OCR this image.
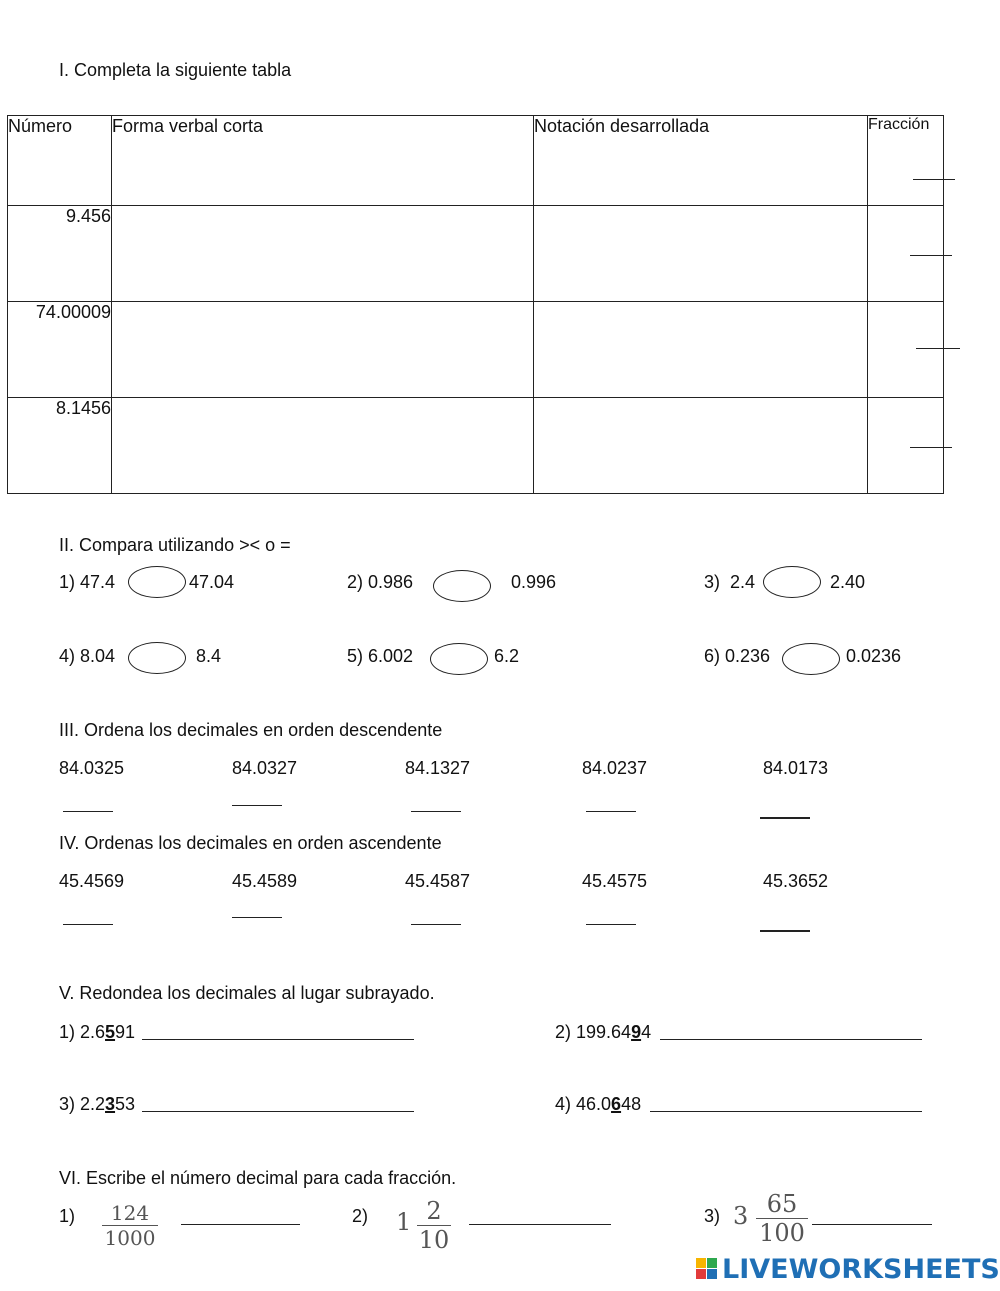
I. Completa la siguiente tabla
Número	Forma verbal corta	Notación desarrollada	Fracción

9.456			

74.00009			

8.1456			
II. Compara utilizando >< o =
1) 47.4	47.04	2) 0.986	0.996	3)  2.4	2.40
4) 8.04	8.4	5) 6.002	6.2	6) 0.236	0.0236
III. Ordena los decimales en orden descendente
84.0325	84.0327	84.1327	84.0237	84.0173
IV. Ordenas los decimales en orden ascendente
45.4569	45.4589	45.4587	45.4575	45.3652
V. Redondea los decimales al lugar subrayado.
1) 2.6591	2) 199.6494
3) 2.2353	4) 46.0648
VI. Escribe el número decimal para cada fracción.
$1) \frac{124}{1000}$	2) $1 \frac{2}{10}$	3) $3 \frac{65}{100}$
LIVEWORKSHEETS
